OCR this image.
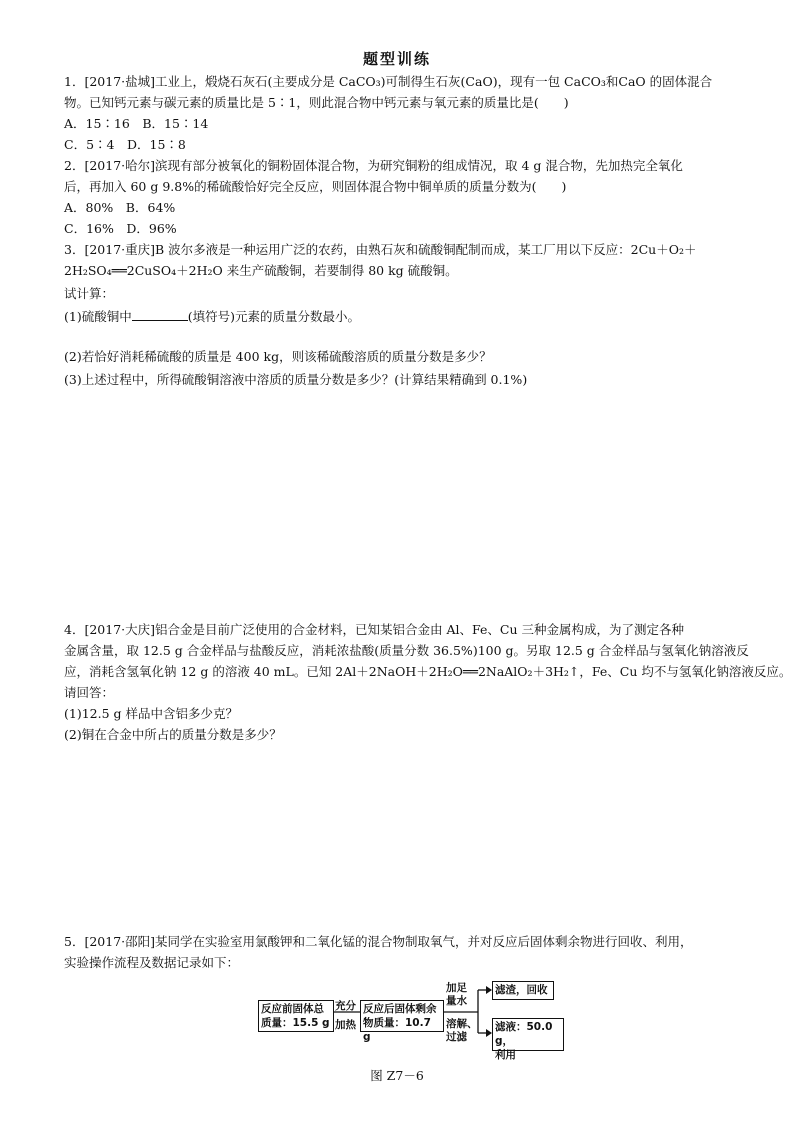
题型训练
1．[2017·盐城]工业上，煅烧石灰石(主要成分是 CaCO₃)可制得生石灰(CaO)，现有一包 CaCO₃和CaO 的固体混合
物。已知钙元素与碳元素的质量比是 5∶1，则此混合物中钙元素与氧元素的质量比是(　　)
A．15∶16　B．15∶14
C．5∶4　D．15∶8
2．[2017·哈尔]滨现有部分被氧化的铜粉固体混合物，为研究铜粉的组成情况，取 4 g 混合物，先加热完全氧化
后，再加入 60 g 9.8%的稀硫酸恰好完全反应，则固体混合物中铜单质的质量分数为(　　)
A．80%　B．64%
C．16%　D．96%
3．[2017·重庆]B 波尔多液是一种运用广泛的农药，由熟石灰和硫酸铜配制而成，某工厂用以下反应：2Cu＋O₂＋
2H₂SO₄══2CuSO₄＋2H₂O 来生产硫酸铜，若要制得 80 kg 硫酸铜。
试计算：
(1)硫酸铜中	(填符号)元素的质量分数最小。
(2)若恰好消耗稀硫酸的质量是 400 kg，则该稀硫酸溶质的质量分数是多少？
(3)上述过程中，所得硫酸铜溶液中溶质的质量分数是多少？(计算结果精确到 0.1%)
4．[2017·大庆]铝合金是目前广泛使用的合金材料，已知某铝合金由 Al、Fe、Cu 三种金属构成，为了测定各种
金属含量，取 12.5 g 合金样品与盐酸反应，消耗浓盐酸(质量分数 36.5%)100 g。另取 12.5 g 合金样品与氢氧化钠溶液反
应，消耗含氢氧化钠 12 g 的溶液 40 mL。已知 2Al＋2NaOH＋2H₂O══2NaAlO₂＋3H₂↑，Fe、Cu 均不与氢氧化钠溶液反应。
请回答：
(1)12.5 g 样品中含铝多少克？
(2)铜在合金中所占的质量分数是多少？
5．[2017·邵阳]某同学在实验室用氯酸钾和二氧化锰的混合物制取氧气，并对反应后固体剩余物进行回收、利用，
实验操作流程及数据记录如下：
反应前固体总
质量：15.5 g
充分
加热
反应后固体剩余
物质量：10.7 g
加足
量水
溶解、
过滤
滤渣，回收
滤液：50.0 g，
利用
图 Z7－6
